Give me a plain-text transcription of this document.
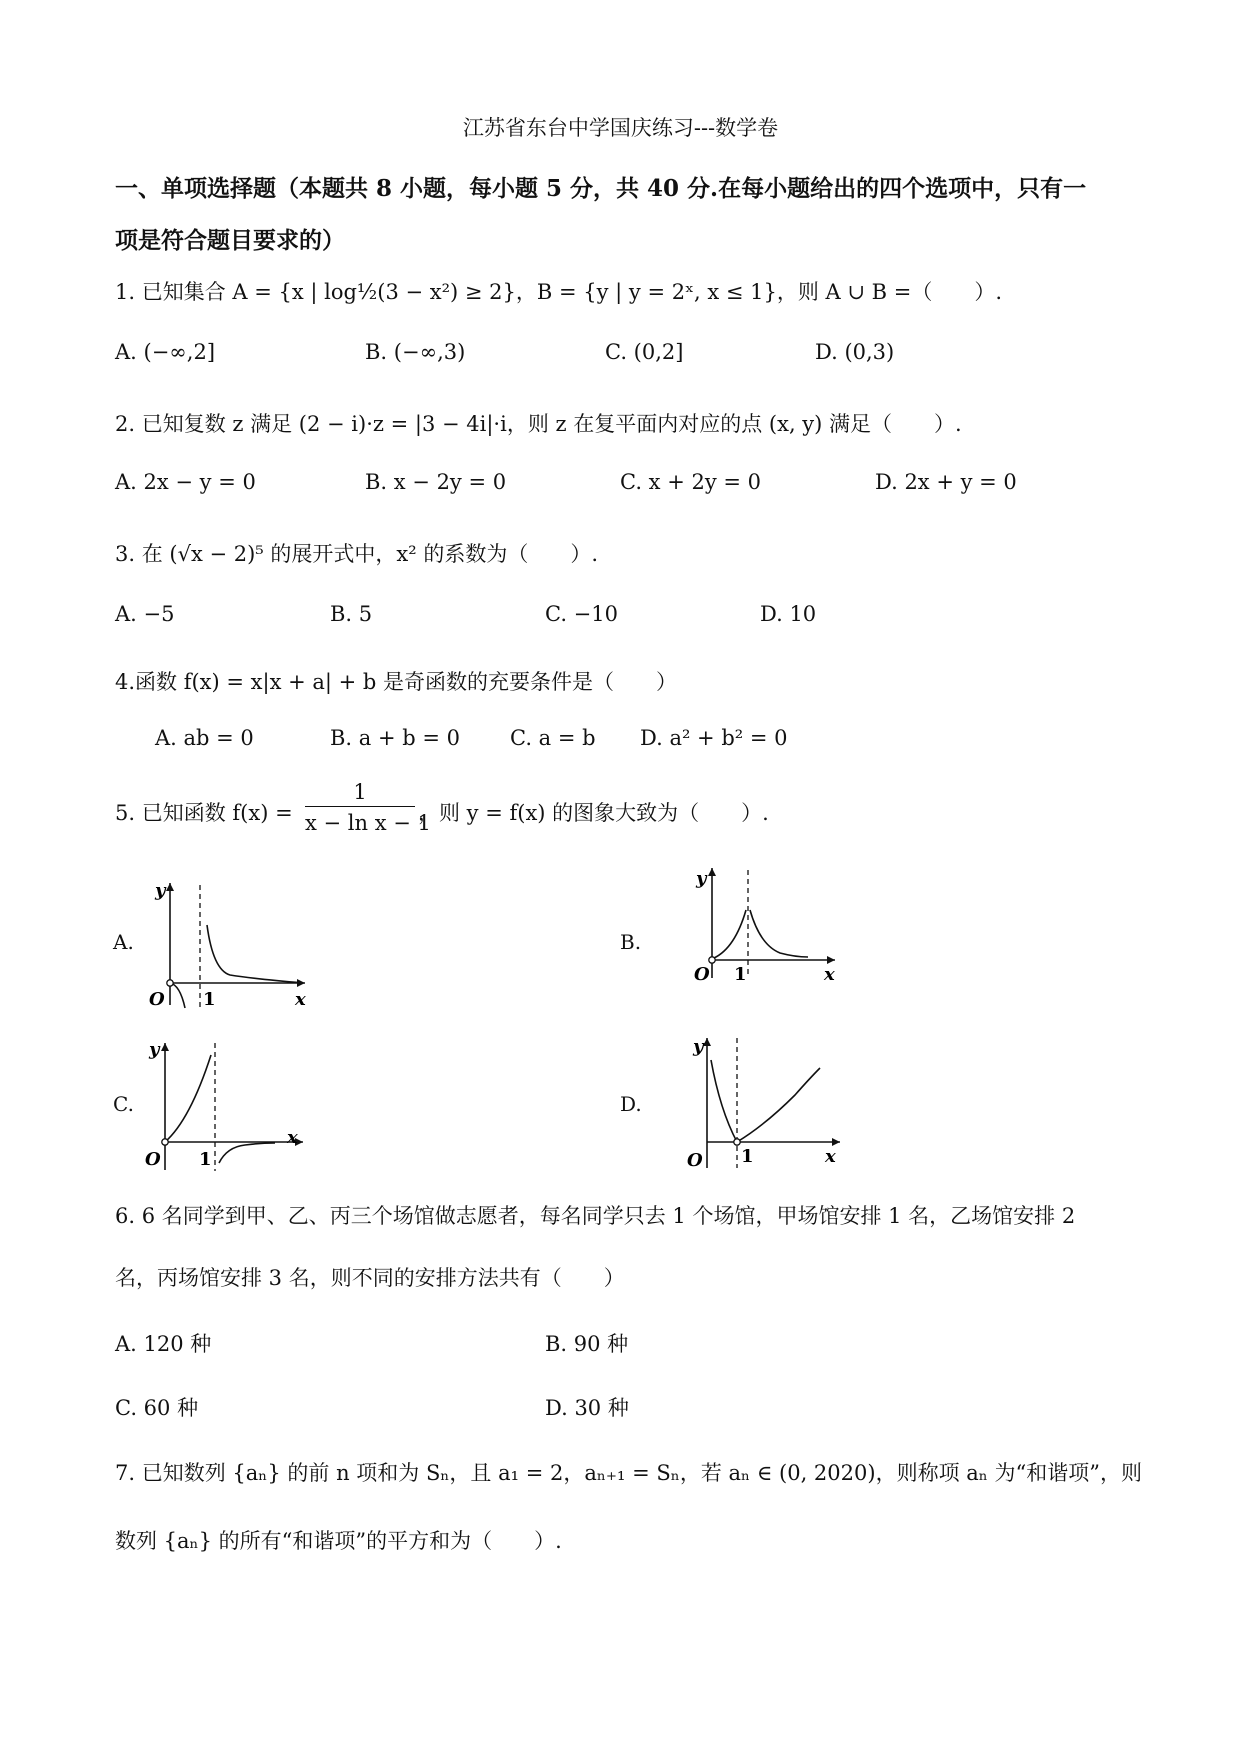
江苏省东台中学国庆练习---数学卷
一、单项选择题（本题共 8 小题，每小题 5 分，共 40 分.在每小题给出的四个选项中，只有一
项是符合题目要求的）
1. 已知集合 A = {x | log½(3 − x²) ≥ 2}，B = {y | y = 2ˣ, x ≤ 1}，则 A ∪ B =（　　）.
A. (−∞,2]	B. (−∞,3)	C. (0,2]	D. (0,3)
2. 已知复数 z 满足 (2 − i)·z = |3 − 4i|·i，则 z 在复平面内对应的点 (x, y) 满足（　　）.
A. 2x − y = 0	B. x − 2y = 0	C. x + 2y = 0	D. 2x + y = 0
3. 在 (√x − 2)⁵ 的展开式中，x² 的系数为（　　）.
A. −5	B. 5	C. −10	D. 10
4.函数 f(x) = x|x + a| + b 是奇函数的充要条件是（　　）
A. ab = 0	B. a + b = 0 C. a = b D. a² + b² = 0
5. 已知函数 $f(x) = \frac{1}{\text{x − ln x − 1}}$ ，则 y = f(x) 的图象大致为（　　）.
A.	B.
C.	D.
y
x
O 1
y
x
O 1
y
x
O 1
y
x
O 1
6. 6 名同学到甲、乙、丙三个场馆做志愿者，每名同学只去 1 个场馆，甲场馆安排 1 名，乙场馆安排 2
名，丙场馆安排 3 名，则不同的安排方法共有（　　）
A. 120 种	B. 90 种
C. 60 种	D. 30 种
7. 已知数列 {aₙ} 的前 n 项和为 Sₙ，且 a₁ = 2，aₙ₊₁ = Sₙ，若 aₙ ∈ (0, 2020)，则称项 aₙ 为“和谐项”，则
数列 {aₙ} 的所有“和谐项”的平方和为（　　）.
